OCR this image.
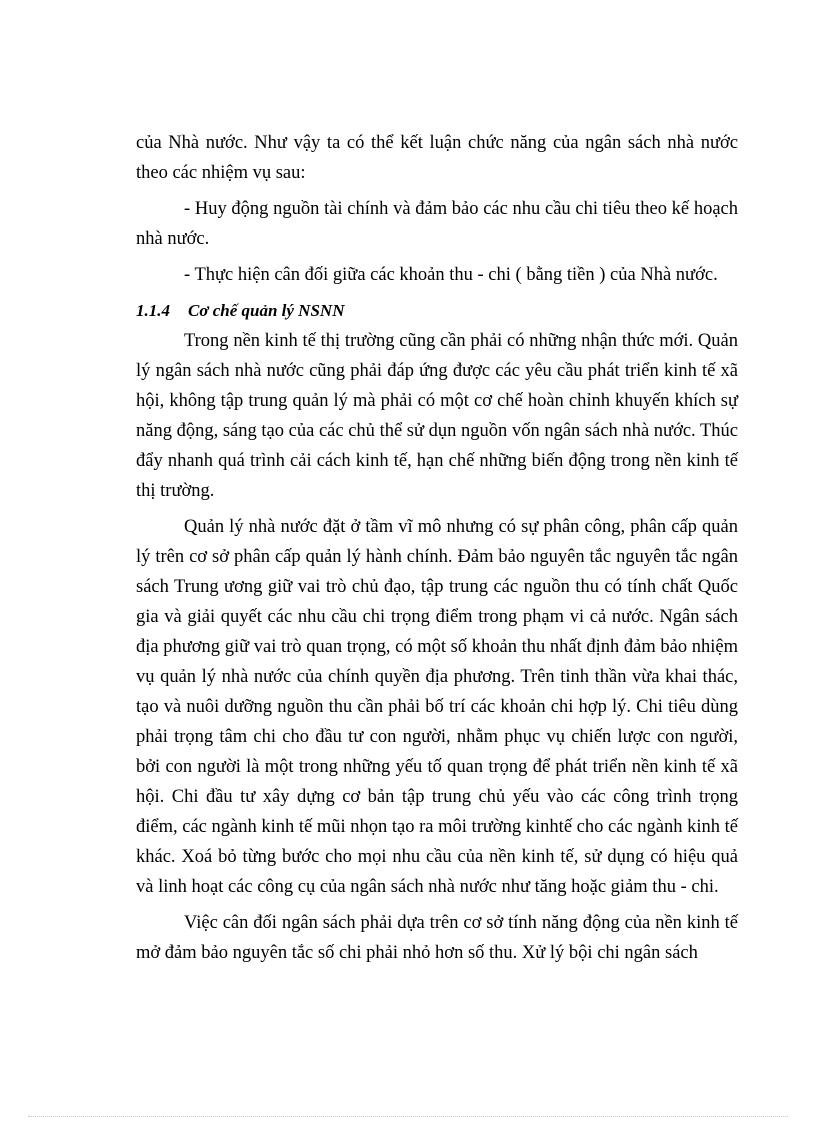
của Nhà nước. Như vậy ta có thể kết luận chức năng của ngân sách nhà nước theo các nhiệm vụ sau:

- Huy động nguồn tài chính và đảm bảo các nhu cầu chi tiêu theo kế hoạch nhà nước.

- Thực hiện cân đối giữa các khoản thu - chi ( bằng tiền ) của Nhà nước.

1.1.4 Cơ chế quản lý NSNN

Trong nền kinh tế thị trường cũng cần phải có những nhận thức mới. Quản lý ngân sách nhà nước cũng phải đáp ứng được các yêu cầu phát triển kinh tế xã hội, không tập trung quản lý mà phải có một cơ chế hoàn chỉnh khuyến khích sự năng động, sáng tạo của các chủ thể sử dụn nguồn vốn ngân sách nhà nước. Thúc đẩy nhanh quá trình cải cách kinh tế, hạn chế những biến động trong nền kinh tế thị trường.

Quản lý nhà nước đặt ở tầm vĩ mô nhưng có sự phân công, phân cấp quản lý trên cơ sở phân cấp quản lý hành chính. Đảm bảo nguyên tắc nguyên tắc ngân sách Trung ương giữ vai trò chủ đạo, tập trung các nguồn thu có tính chất Quốc gia và giải quyết các nhu cầu chi trọng điểm trong phạm vi cả nước. Ngân sách địa phương giữ vai trò quan trọng, có một số khoản thu nhất định đảm bảo nhiệm vụ quản lý nhà nước của chính quyền địa phương. Trên tinh thần vừa khai thác, tạo và nuôi dưỡng nguồn thu cần phải bố trí các khoản chi hợp lý. Chi tiêu dùng phải trọng tâm chi cho đầu tư con người, nhằm phục vụ chiến lược con người, bởi con người là một trong những yếu tố quan trọng để phát triển nền kinh tế xã hội. Chi đầu tư xây dựng cơ bản tập trung chủ yếu vào các công trình trọng điểm, các ngành kinh tế mũi nhọn tạo ra môi trường kinhtế cho các ngành kinh tế khác. Xoá bỏ từng bước cho mọi nhu cầu của nền kinh tế, sử dụng có hiệu quả và linh hoạt các công cụ của ngân sách nhà nước như tăng hoặc giảm thu - chi.

Việc cân đối ngân sách phải dựa trên cơ sở tính năng động của nền kinh tế mở đảm bảo nguyên tắc số chi phải nhỏ hơn số thu. Xử lý bội chi ngân sách
